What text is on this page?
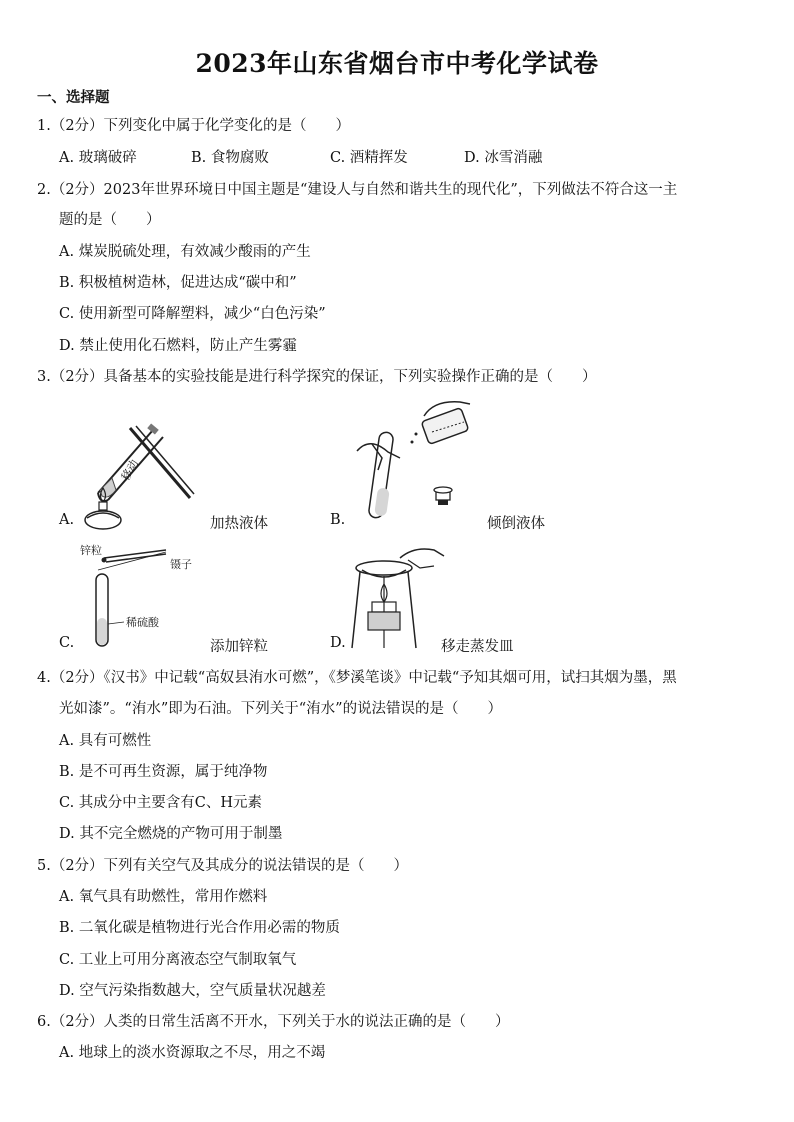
2023年山东省烟台市中考化学试卷
一、选择题
1.（2分）下列变化中属于化学变化的是（　　）
A. 玻璃破碎	B. 食物腐败	C. 酒精挥发	D. 冰雪消融
2.（2分）2023年世界环境日中国主题是“建设人与自然和谐共生的现代化”，下列做法不符合这一主
题的是（　　）
A. 煤炭脱硫处理，有效减少酸雨的产生
B. 积极植树造林，促进达成“碳中和”
C. 使用新型可降解塑料，减少“白色污染”
D. 禁止使用化石燃料，防止产生雾霾
3.（2分）具备基本的实验技能是进行科学探究的保证，下列实验操作正确的是（　　）
移动
A.	加热液体	B.	倾倒液体
锌粒
镊子
稀硫酸
C.	添加锌粒	D.	移走蒸发皿
4.（2分）《汉书》中记载“高奴县洧水可燃”，《梦溪笔谈》中记载“予知其烟可用，试扫其烟为墨，黑
光如漆”。“洧水”即为石油。下列关于“洧水”的说法错误的是（　　）
A. 具有可燃性
B. 是不可再生资源，属于纯净物
C. 其成分中主要含有C、H元素
D. 其不完全燃烧的产物可用于制墨
5.（2分）下列有关空气及其成分的说法错误的是（　　）
A. 氧气具有助燃性，常用作燃料
B. 二氧化碳是植物进行光合作用必需的物质
C. 工业上可用分离液态空气制取氧气
D. 空气污染指数越大，空气质量状况越差
6.（2分）人类的日常生活离不开水，下列关于水的说法正确的是（　　）
A. 地球上的淡水资源取之不尽，用之不竭
